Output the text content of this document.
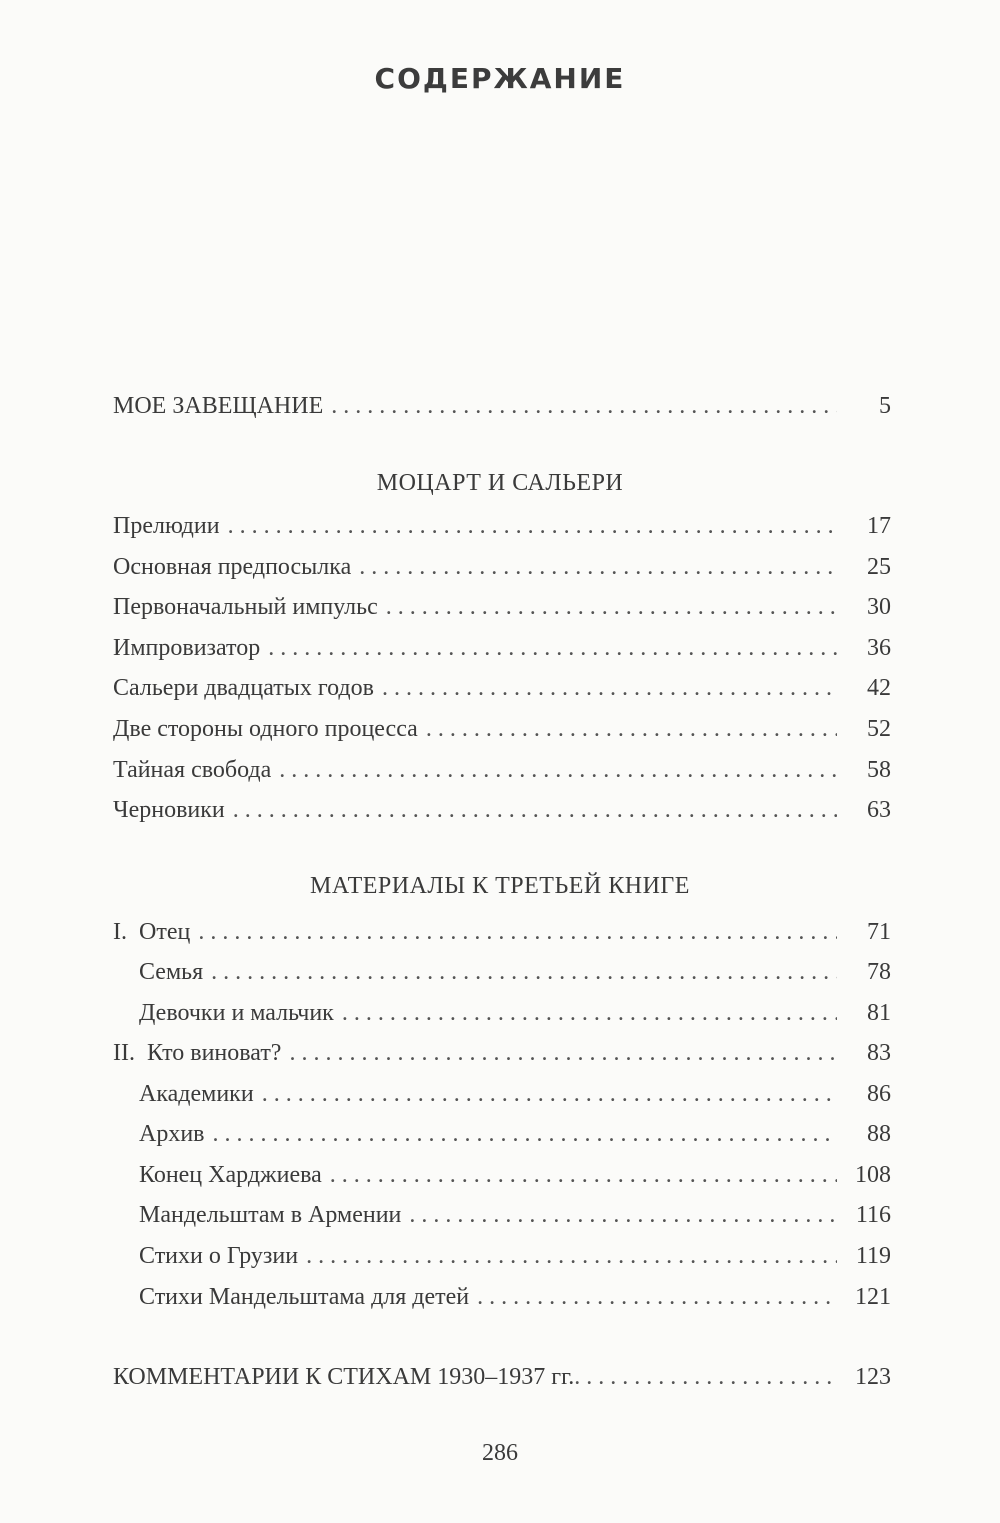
СОДЕРЖАНИЕ
МОЕ ЗАВЕЩАНИЕ . . .	5
МОЦАРТ И САЛЬЕРИ
Прелюдии . . .	17
Основная предпосылка . . .	25
Первоначальный импульс . . .	30
Импровизатор . . .	36
Сальери двадцатых годов . . .	42
Две стороны одного процесса . . .	52
Тайная свобода . . .	58
Черновики . . .	63
МАТЕРИАЛЫ К ТРЕТЬЕЙ КНИГЕ
I.  Отец . . .	71
Семья . . .	78
Девочки и мальчик . . .	81
II.  Кто виноват? . . .	83
Академики . . .	86
Архив . . .	88
Конец Харджиева . . .	108
Мандельштам в Армении . . .	116
Стихи о Грузии . . .	119
Стихи Мандельштама для детей . . .	121
КОММЕНТАРИИ К СТИХАМ 1930–1937 гг. . . .	123
286
